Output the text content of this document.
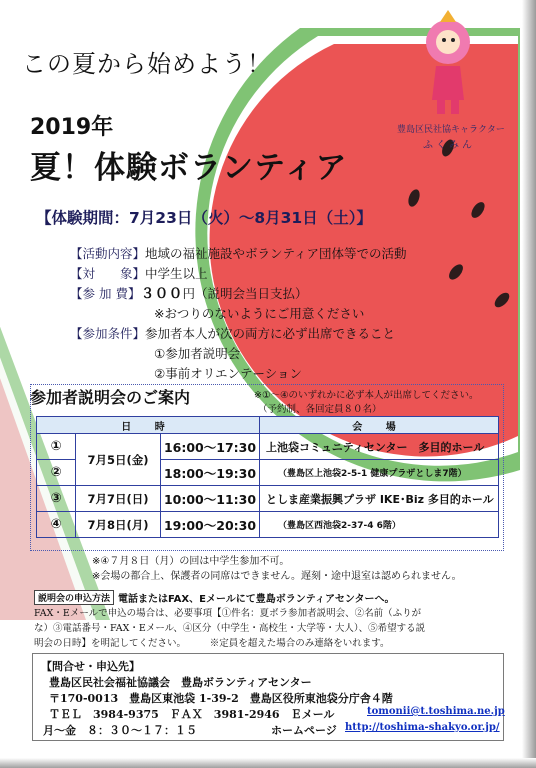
この夏から始めよう！
豊島区民社協キャラクター
ふくみん
2019年
夏！体験ボランティア
【体験期間：7月23日（火）〜8月31日（土）】
【活動内容】地域の福祉施設やボランティア団体等での活動
【対　　象】中学生以上
【参 加 費】３００円（説明会当日支払）
※おつりのないようにご用意ください
【参加条件】参加者本人が次の両方に必ず出席できること
①参加者説明会
②事前オリエンテーション
参加者説明会のご案内	※①〜④のいずれかに必ず本人が出席してください。
（予約制、各回定員８０名）
日 時			会 場
①	7月5日(金)	16:00〜17:30	上池袋コミュニティセンター　多目的ホール
②		18:00〜19:30	（豊島区上池袋2-5-1 健康プラザとしま7階）
③	7月7日(日)	10:00〜11:30	としま産業振興プラザ IKE･Biz 多目的ホール
④	7月8日(月)	19:00〜20:30	（豊島区西池袋2-37-4 6階）
※④７月８日（月）の回は中学生参加不可。
※会場の都合上、保護者の同席はできません。遅刻・途中退室は認められません。
説明会の申込方法 電話またはFAX、Eメールにて豊島ボランティアセンターへ。
FAX・Eメールで申込の場合は、必要事項【①件名：夏ボラ参加者説明会、②名前（ふりが
な）③電話番号・FAX・Eメール、④区分（中学生・高校生・大学等・大人）、⑤希望する説
明会の日時】を明記してください。　　　※定員を超えた場合のみ連絡をいれます。
【問合せ・申込先】
豊島区民社会福祉協議会　豊島ボランティアセンター
〒170-0013　豊島区東池袋 1-39-2　豊島区役所東池袋分庁舎４階
ＴＥＬ　3984-9375　ＦＡＸ　3981-2946　Ｅメール	tomonii@t.toshima.ne.jp
月〜金　８：３０〜１７：１５	ホームページ http://toshima-shakyo.or.jp/
